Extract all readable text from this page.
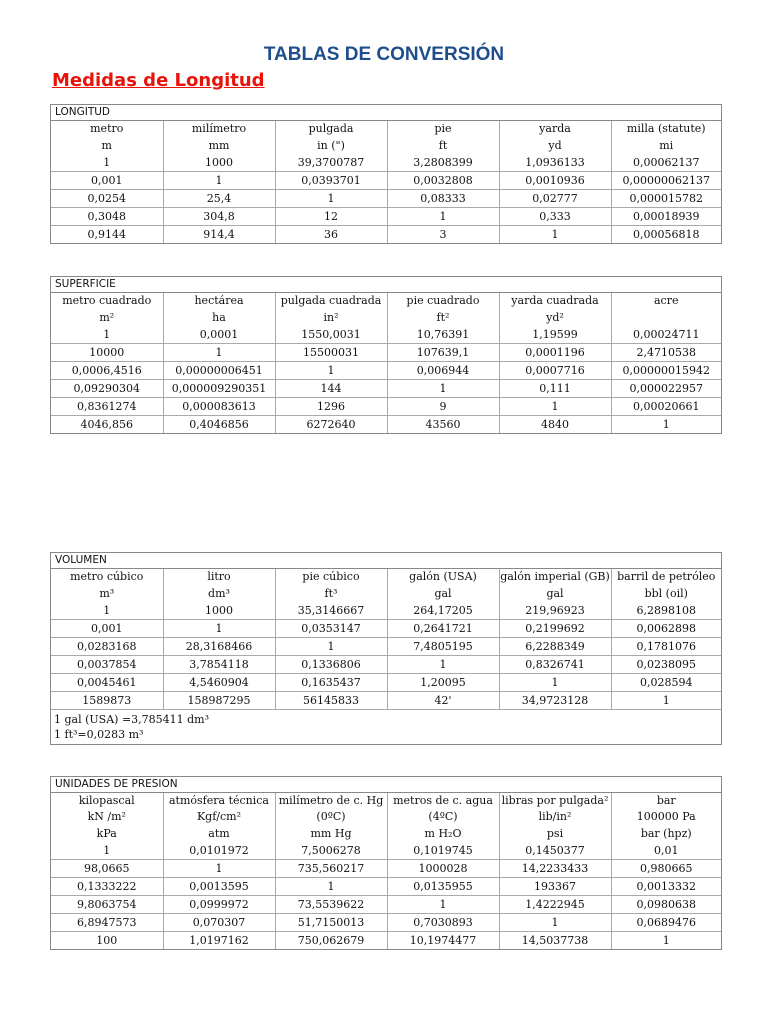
TABLAS DE CONVERSIÓN
Medidas de Longitud
LONGITUD
metro	milímetro	pulgada	pie	yarda	milla (statute)
m	mm	in (")	ft	yd	mi
1	1000	39,3700787	3,2808399	1,0936133	0,00062137
0,001	1	0,0393701	0,0032808	0,0010936	0,00000062137
0,0254	25,4	1	0,08333	0,02777	0,000015782
0,3048	304,8	12	1	0,333	0,00018939
0,9144	914,4	36	3	1	0,00056818
SUPERFICIE
metro cuadrado	hectárea	pulgada cuadrada	pie cuadrado	yarda cuadrada	acre
m²	ha	in²	ft²	yd²	
1	0,0001	1550,0031	10,76391	1,19599	0,00024711
10000	1	15500031	107639,1	0,0001196	2,4710538
0,0006,4516	0,00000006451	1	0,006944	0,0007716	0,00000015942
0,09290304	0,000009290351	144	1	0,111	0,000022957
0,8361274	0,000083613	1296	9	1	0,00020661
4046,856	0,4046856	6272640	43560	4840	1
VOLUMEN
metro cúbico	litro	pie cúbico	galón (USA)	galón imperial (GB)	barril de petróleo
m³	dm³	ft³	gal	gal	bbl (oil)
1	1000	35,3146667	264,17205	219,96923	6,2898108
0,001	1	0,0353147	0,2641721	0,2199692	0,0062898
0,0283168	28,3168466	1	7,4805195	6,2288349	0,1781076
0,0037854	3,7854118	0,1336806	1	0,8326741	0,0238095
0,0045461	4,5460904	0,1635437	1,20095	1	0,028594
1589873	158987295	56145833	42'	34,9723128	1
1 gal (USA) =3,785411 dm³
1 ft³=0,0283 m³
UNIDADES DE PRESION
kilopascal	atmósfera técnica	milímetro de c. Hg	metros de c. agua	libras por pulgada²	bar
kN /m²	Kgf/cm²	(0ºC)	(4ºC)	lib/in²	100000 Pa
kPa	atm	mm Hg	m H₂O	psi	bar (hpz)
1	0,0101972	7,5006278	0,1019745	0,1450377	0,01
98,0665	1	735,560217	1000028	14,2233433	0,980665
0,1333222	0,0013595	1	0,0135955	193367	0,0013332
9,8063754	0,0999972	73,5539622	1	1,4222945	0,0980638
6,8947573	0,070307	51,7150013	0,7030893	1	0,0689476
100	1,0197162	750,062679	10,1974477	14,5037738	1
